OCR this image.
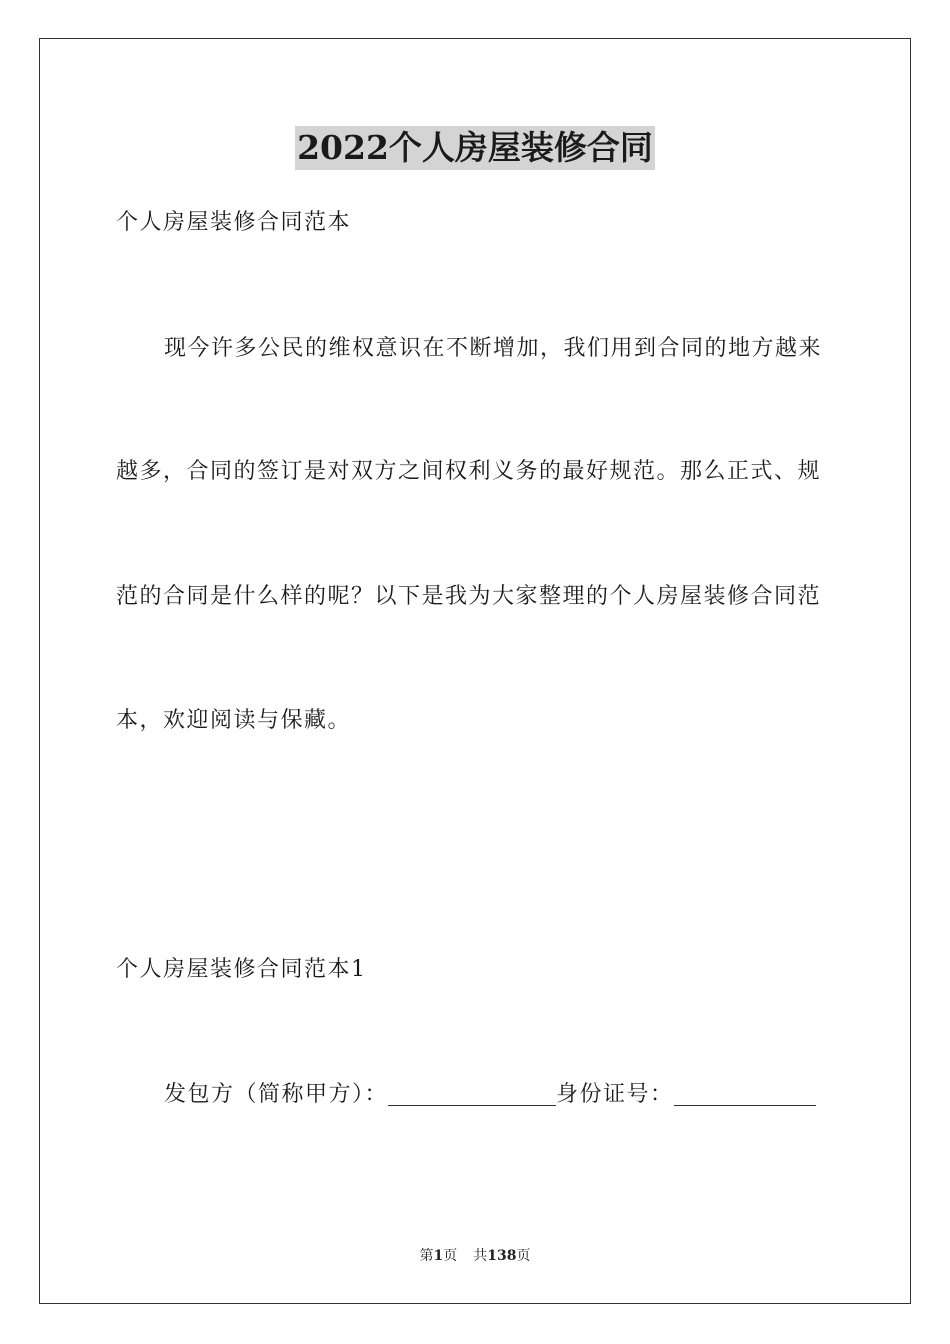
2022个人房屋装修合同
个人房屋装修合同范本
现今许多公民的维权意识在不断增加，我们用到合同的地方越来
越多，合同的签订是对双方之间权利义务的最好规范。那么正式、规
范的合同是什么样的呢？以下是我为大家整理的个人房屋装修合同范
本，欢迎阅读与保藏。
个人房屋装修合同范本1
发包方（简称甲方）：	身份证号：
第1页 共138页
